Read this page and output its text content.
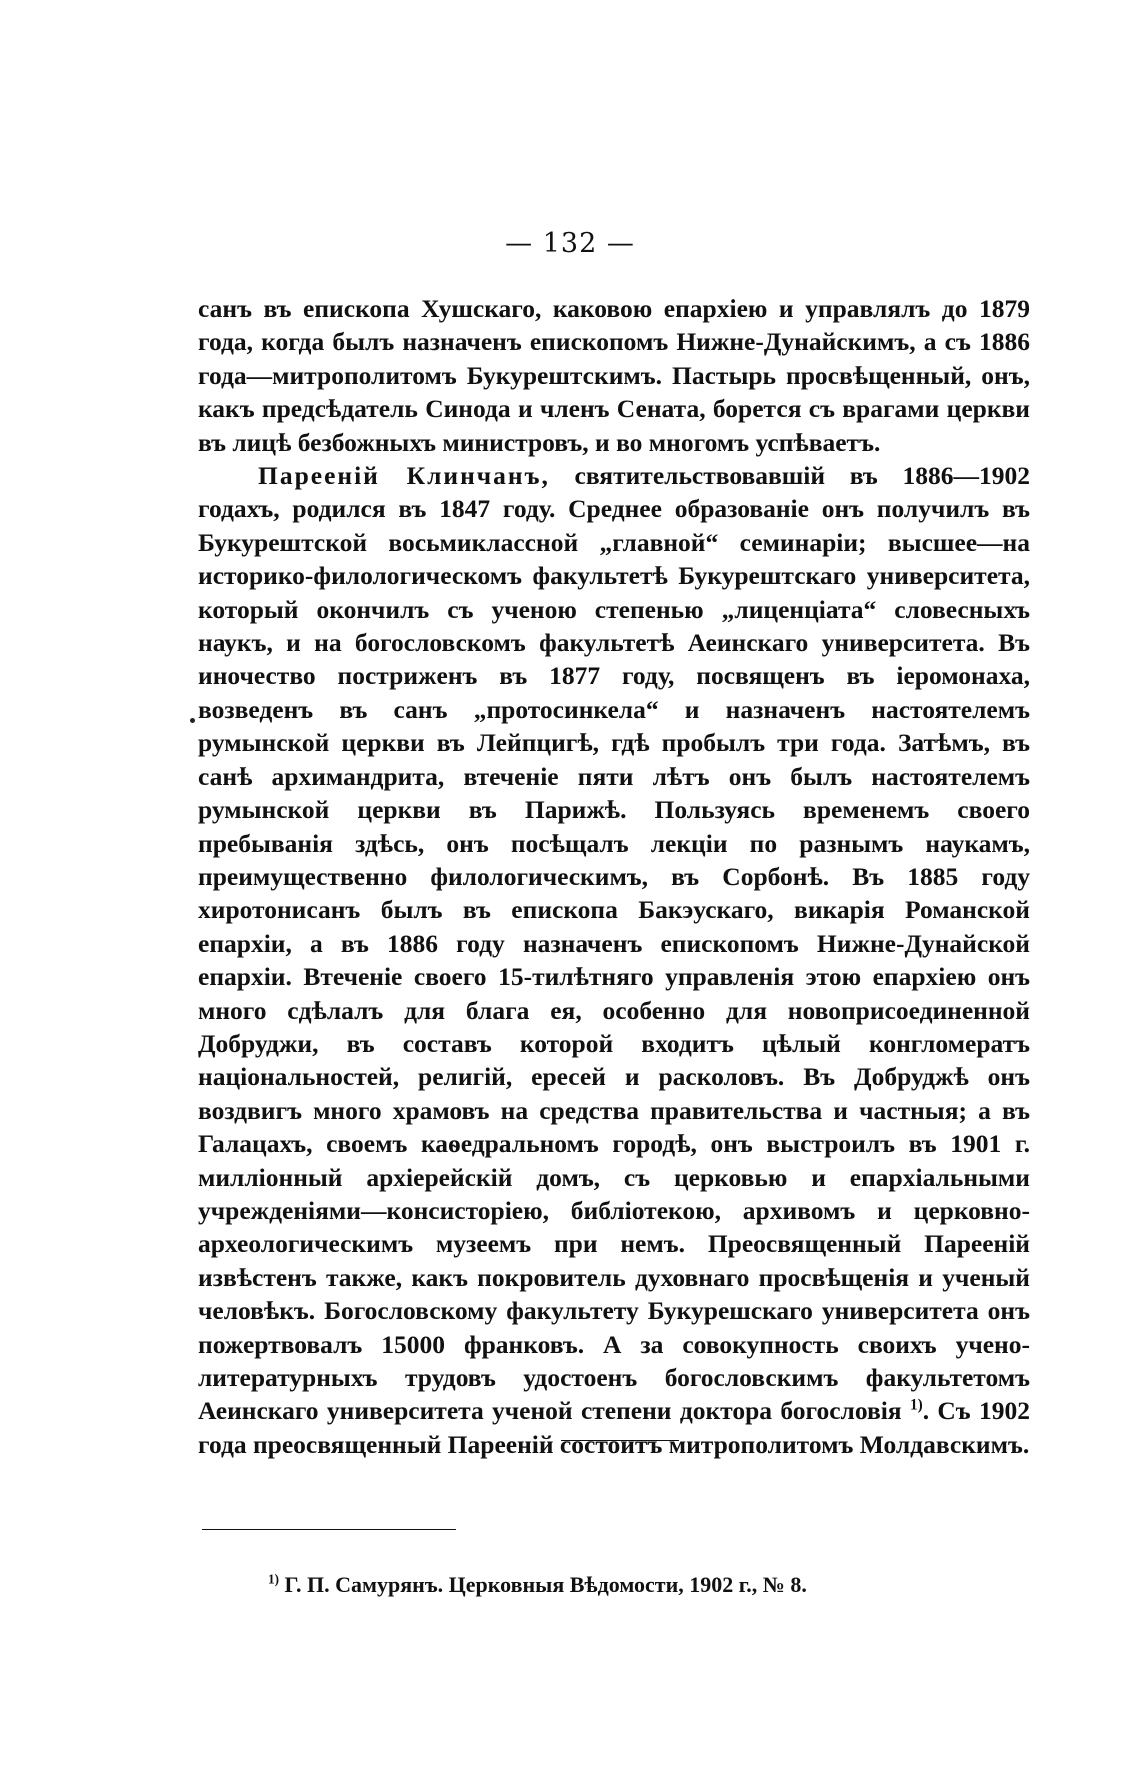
— 132 —

санъ въ епископа Хушскаго, каковою епархіею и управлялъ до 1879 года, когда былъ назначенъ епископомъ Нижне-Дунайскимъ, а съ 1886 года—митрополитомъ Букурештскимъ. Пастырь просвѣщенный, онъ, какъ предсѣдатель Синода и членъ Сената, борется съ врагами церкви въ лицѣ безбожныхъ министровъ, и во многомъ успѣваетъ.

Пареенiй Клинчанъ, святительствовавшiй въ 1886—1902 годахъ, родился въ 1847 году. Среднее образованiе онъ получилъ въ Букурештской восьмиклассной „главной“ семинарiи; высшее—на историко-филологическомъ факультетѣ Букурештскаго университета, который окончилъ съ ученою степенью „лиценцiата“ словесныхъ наукъ, и на богословскомъ факультетѣ Аеинскаго университета. Въ иночество пострижeнъ въ 1877 году, посвященъ въ iеромонаха, возведенъ въ санъ „протосинкела“ и назначенъ настоятелемъ румынской церкви въ Лейпцигѣ, гдѣ пробылъ три года. Затѣмъ, въ санѣ архимандрита, втеченiе пяти лѣтъ онъ былъ настоятелемъ румынской церкви въ Парижѣ. Пользуясь временемъ своего пребыванiя здѣсь, онъ посѣщалъ лекцiи по разнымъ наукамъ, преимущественно филологическимъ, въ Сорбонѣ. Въ 1885 году хиротонисанъ былъ въ епископа Бакэускаго, викарiя Романской епархiи, а въ 1886 году назначенъ епископомъ Нижне-Дунайской епархiи. Втеченiе своего 15-тилѣтняго управленiя этою епархiею онъ много сдѣлалъ для блага ея, особенно для новоприсоединенной Добруджи, въ составъ которой входитъ цѣлый конгломератъ нацiональностей, религiй, ересей и расколовъ. Въ Добруджѣ онъ воздвигъ много храмовъ на средства правительства и частныя; а въ Галацахъ, своемъ каѳедральномъ городѣ, онъ выстроилъ въ 1901 г. миллiонный архiерейскiй домъ, съ церковью и епархiальными учрежденiями—консисторiею, библiотекою, архивомъ и церковно-археологическимъ музеемъ при немъ. Преосвященный Пареенiй извѣстенъ также, какъ покровитель духовнаго просвѣщенiя и ученый человѣкъ. Богословскому факультету Букурешскаго университета онъ пожертвовалъ 15000 франковъ. А за совокупность своихъ учено-литературныхъ трудовъ удостоенъ богословскимъ факультетомъ Аеинскаго университета ученой степени доктора богословiя $^{1)}$. Съ 1902 года преосвященный Пареенiй состоитъ митрополитомъ Молдавскимъ.

$^{1)}$ Г. П. Самурянъ. Церковныя Вѣдомости, 1902 г., № 8.
